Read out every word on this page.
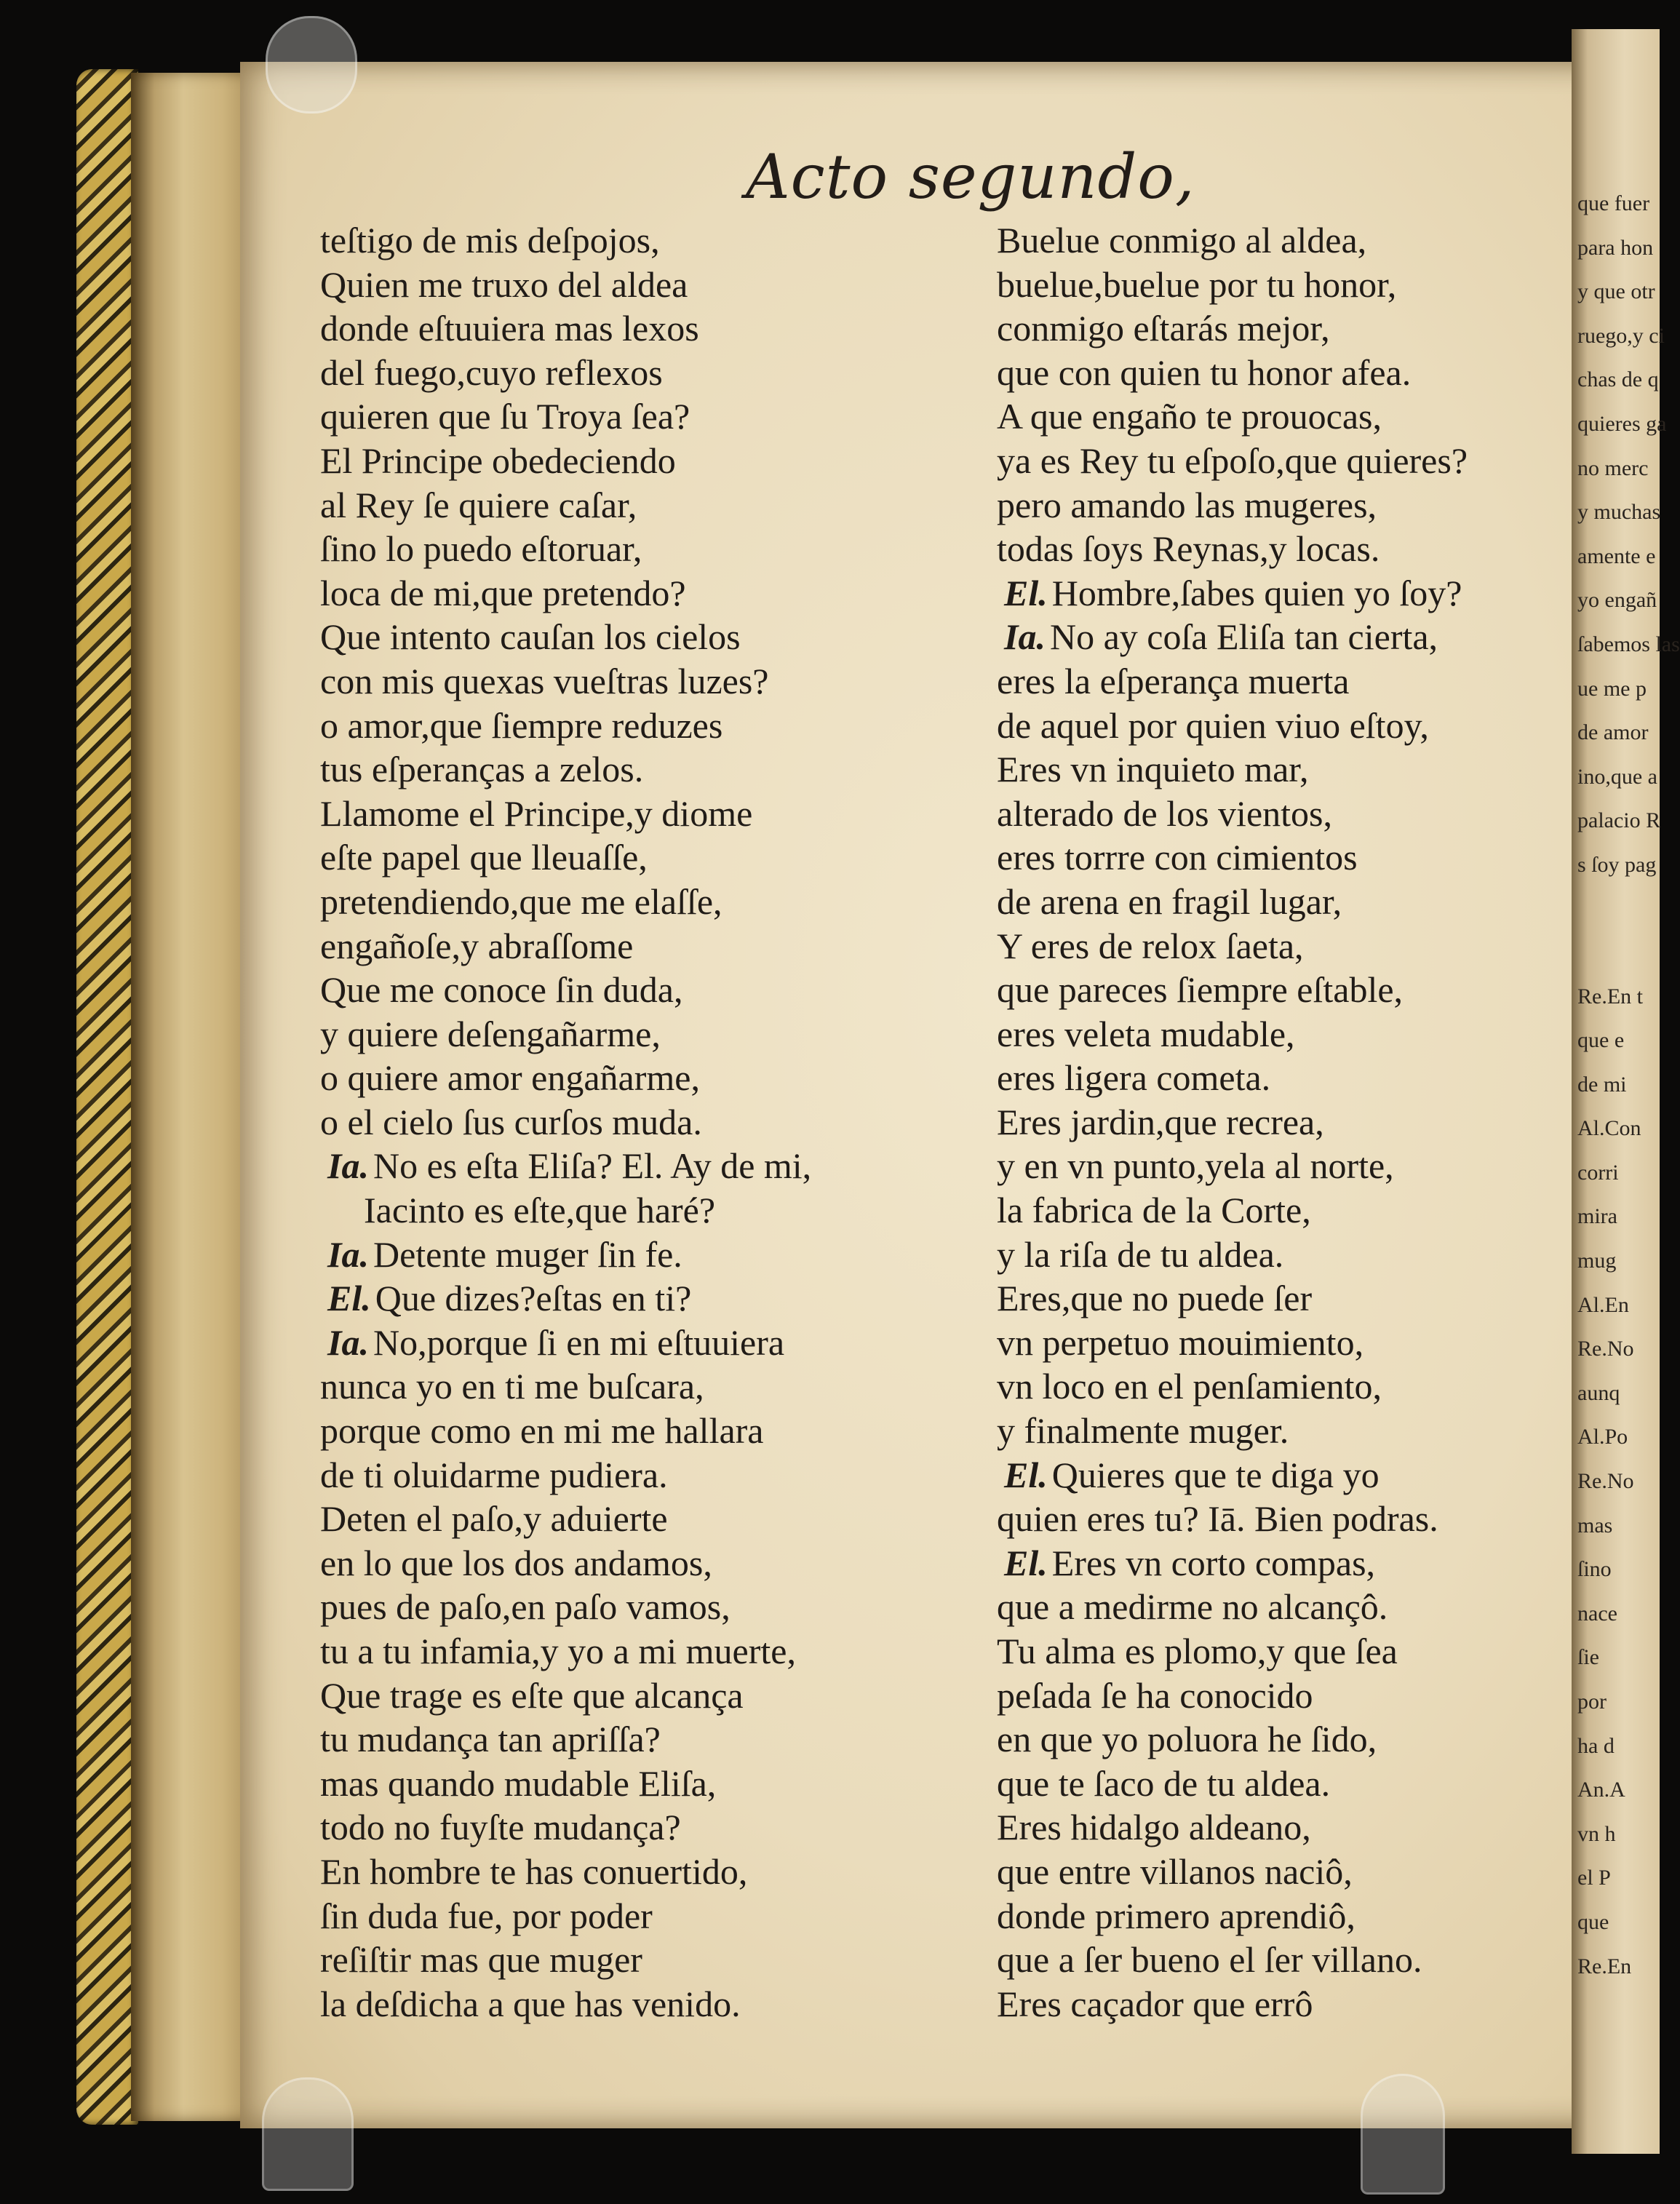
Acto segundo,
teſtigo de mis deſpojos,
Quien me truxo del aldea
donde eſtuuiera mas lexos
del fuego,cuyo reflexos
quieren que ſu Troya ſea?
El Principe obedeciendo
al Rey ſe quiere caſar,
ſino lo puedo eſtoruar,
loca de mi,que pretendo?
Que intento cauſan los cielos
con mis quexas vueſtras luzes?
o amor,que ſiempre reduzes
tus eſperanças a zelos.
Llamome el Principe,y diome
eſte papel que lleuaſſe,
pretendiendo,que me elaſſe,
engañoſe,y abraſſome
Que me conoce ſin duda,
y quiere deſengañarme,
o quiere amor engañarme,
o el cielo ſus curſos muda.
Ia. No es eſta Eliſa? El. Ay de mi,
Iacinto es eſte,que haré?
Ia. Detente muger ſin fe.
El. Que dizes?eſtas en ti?
Ia. No,porque ſi en mi eſtuuiera
nunca yo en ti me buſcara,
porque como en mi me hallara
de ti oluidarme pudiera.
Deten el paſo,y aduierte
en lo que los dos andamos,
pues de paſo,en paſo vamos,
tu a tu infamia,y yo a mi muerte,
Que trage es eſte que alcança
tu mudança tan apriſſa?
mas quando mudable Eliſa,
todo no fuyſte mudança?
En hombre te has conuertido,
ſin duda fue, por poder
reſiſtir mas que muger
la deſdicha a que has venido.
Buelue conmigo al aldea,
buelue,buelue por tu honor,
conmigo eſtarás mejor,
que con quien tu honor afea.
A que engaño te prouocas,
ya es Rey tu eſpoſo,que quieres?
pero amando las mugeres,
todas ſoys Reynas,y locas.
El. Hombre,ſabes quien yo ſoy?
Ia. No ay coſa Eliſa tan cierta,
eres la eſperança muerta
de aquel por quien viuo eſtoy,
Eres vn inquieto mar,
alterado de los vientos,
eres torrre con cimientos
de arena en fragil lugar,
Y eres de relox ſaeta,
que pareces ſiempre eſtable,
eres veleta mudable,
eres ligera cometa.
Eres jardin,que recrea,
y en vn punto,yela al norte,
la fabrica de la Corte,
y la riſa de tu aldea.
Eres,que no puede ſer
vn perpetuo mouimiento,
vn loco en el penſamiento,
y finalmente muger.
El. Quieres que te diga yo
quien eres tu? Iā. Bien podras.
El. Eres vn corto compas,
que a medirme no alcançô.
Tu alma es plomo,y que ſea
peſada ſe ha conocido
en que yo poluora he ſido,
que te ſaco de tu aldea.
Eres hidalgo aldeano,
que entre villanos naciô,
donde primero aprendiô,
que a ſer bueno el ſer villano.
Eres caçador que errô
que fuer
para hon
y que otr
ruego,y ci
chas de q
quieres ga
no merc
y muchas
amente e
yo engañ
ſabemos las
ue me p
de amor
ino,que a
palacio R
s ſoy pag
Re.En t
que e
de mi
Al.Con
corri
mira
mug
Al.En
Re.No
aunq
Al.Po
Re.No
mas
ſino
nace
ſie
por
ha d
An.A
vn h
el P
que
Re.En
